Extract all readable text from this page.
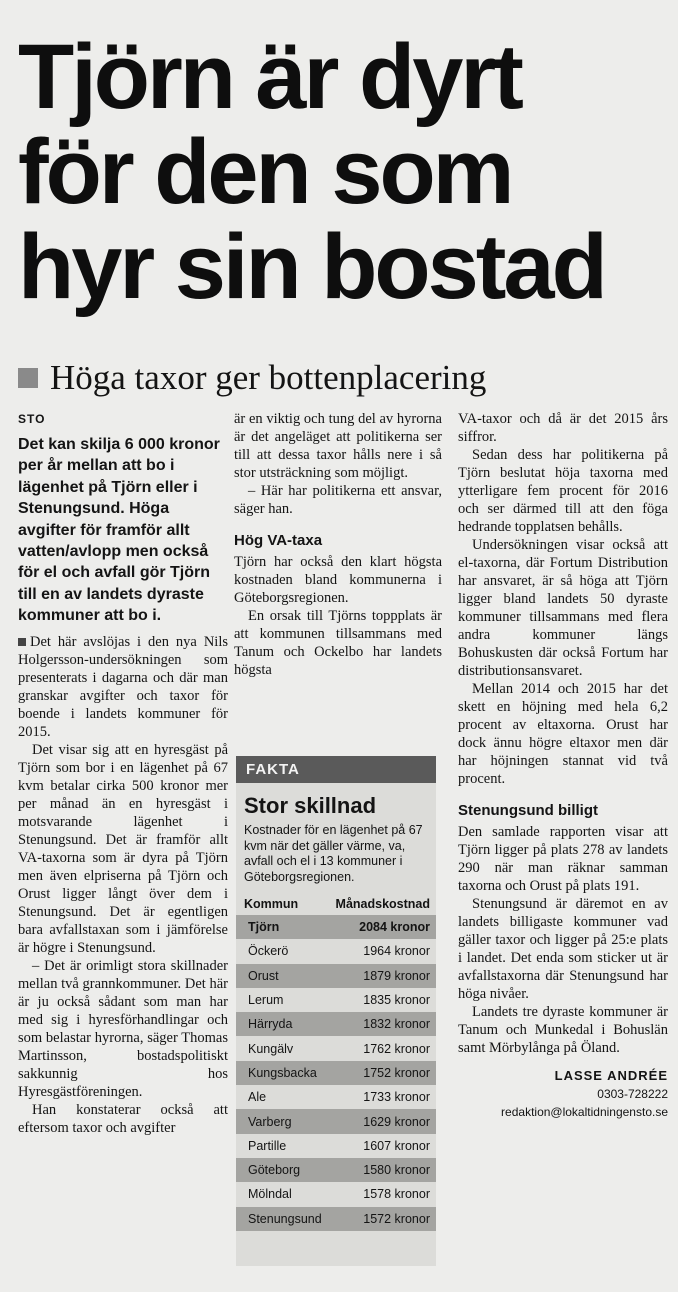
Tjörn är dyrt
för den som
hyr sin bostad
Höga taxor ger bottenplacering
STO
Det kan skilja 6 000 kronor per år mellan att bo i lägenhet på Tjörn eller i Stenungsund. Höga avgifter för framför allt vatten/avlopp men också för el och avfall gör Tjörn till en av landets dyraste kommuner att bo i.

Det här avslöjas i den nya Nils Holgersson-undersökningen som presenterats i dagarna och där man granskar avgifter och taxor för boende i landets kommuner för 2015.

Det visar sig att en hyresgäst på Tjörn som bor i en lägenhet på 67 kvm betalar cirka 500 kronor mer per månad än en hyresgäst i motsvarande lägenhet i Stenungsund. Det är framför allt VA-taxorna som är dyra på Tjörn men även elpriserna på Tjörn och Orust ligger långt över dem i Stenungsund. Det är egentligen bara avfallstaxan som i jämförelse är högre i Stenungsund.

– Det är orimligt stora skillnader mellan två grannkommuner. Det här är ju också sådant som man har med sig i hyresförhandlingar och som belastar hyrorna, säger Thomas Martinsson, bostadspolitiskt sakkunnig hos Hyresgästföreningen.

Han konstaterar också att eftersom taxor och avgifter

är en viktig och tung del av hyrorna är det angeläget att politikerna ser till att dessa taxor hålls nere i så stor utsträckning som möjligt.

– Här har politikerna ett ansvar, säger han.

Hög VA-taxa

Tjörn har också den klart högsta kostnaden bland kommunerna i Göteborgsregionen.

En orsak till Tjörns toppplats är att kommunen tillsammans med Tanum och Ockelbo har landets högsta

FAKTA
Stor skillnad
Kostnader för en lägenhet på 67 kvm när det gäller värme, va, avfall och el i 13 kommuner i Göteborgsregionen.
Kommun	Månadskostnad
Tjörn	2084 kronor
Öckerö	1964 kronor
Orust	1879 kronor
Lerum	1835 kronor
Härryda	1832 kronor
Kungälv	1762 kronor
Kungsbacka	1752 kronor
Ale	1733 kronor
Varberg	1629 kronor
Partille	1607 kronor
Göteborg	1580 kronor
Mölndal	1578 kronor
Stenungsund	1572 kronor

VA-taxor och då är det 2015 års siffror.

Sedan dess har politikerna på Tjörn beslutat höja taxorna med ytterligare fem procent för 2016 och ser därmed till att den föga hedrande topplatsen behålls.

Undersökningen visar också att el-taxorna, där Fortum Distribution har ansvaret, är så höga att Tjörn ligger bland landets 50 dyraste kommuner tillsammans med flera andra kommuner längs Bohuskusten där också Fortum har distributionsansvaret.

Mellan 2014 och 2015 har det skett en höjning med hela 6,2 procent av eltaxorna. Orust har dock ännu högre eltaxor men där har höjningen stannat vid två procent.

Stenungsund billigt

Den samlade rapporten visar att Tjörn ligger på plats 278 av landets 290 när man räknar samman taxorna och Orust på plats 191.

Stenungsund är däremot en av landets billigaste kommuner vad gäller taxor och ligger på 25:e plats i landet. Det enda som sticker ut är avfallstaxorna där Stenungsund har höga nivåer.

Landets tre dyraste kommuner är Tanum och Munkedal i Bohuslän samt Mörbylånga på Öland.

LASSE ANDRÉE
0303-728222
redaktion@lokaltidningensto.se
